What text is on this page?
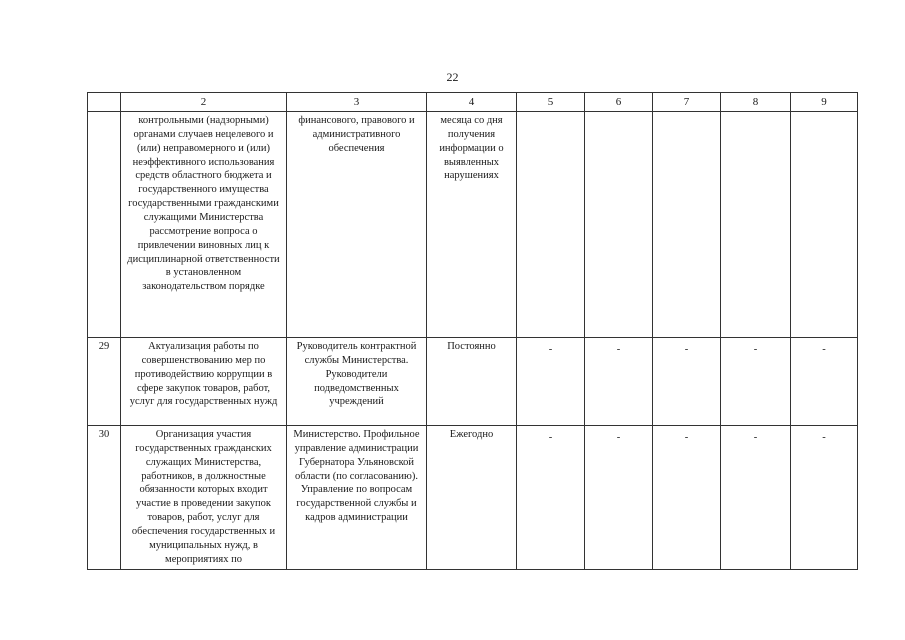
22
	2	3	4	5	6	7	8	9
	контрольными (надзорными) органами случаев нецелевого и (или) неправомерного и (или) неэффективного использования средств областного бюджета и государственного имущества государственными гражданскими служащими Министерства рассмотрение вопроса о привлечении виновных лиц к дисциплинарной ответственности в установленном законодательством порядке	финансового, правового и административного обеспечения	месяца со дня получения информации о выявленных нарушениях					
29	Актуализация работы по совершенствованию мер по противодействию коррупции в сфере закупок товаров, работ, услуг для государственных нужд	Руководитель контрактной службы Министерства. Руководители подведомственных учреждений	Постоянно	-	-	-	-	-
30	Организация участия государственных гражданских служащих Министерства, работников, в должностные обязанности которых входит участие в проведении закупок товаров, работ, услуг для обеспечения государственных и муниципальных нужд, в мероприятиях по	Министерство. Профильное управление администрации Губернатора Ульяновской области (по согласованию). Управление по вопросам государственной службы и кадров администрации	Ежегодно	-	-	-	-	-
